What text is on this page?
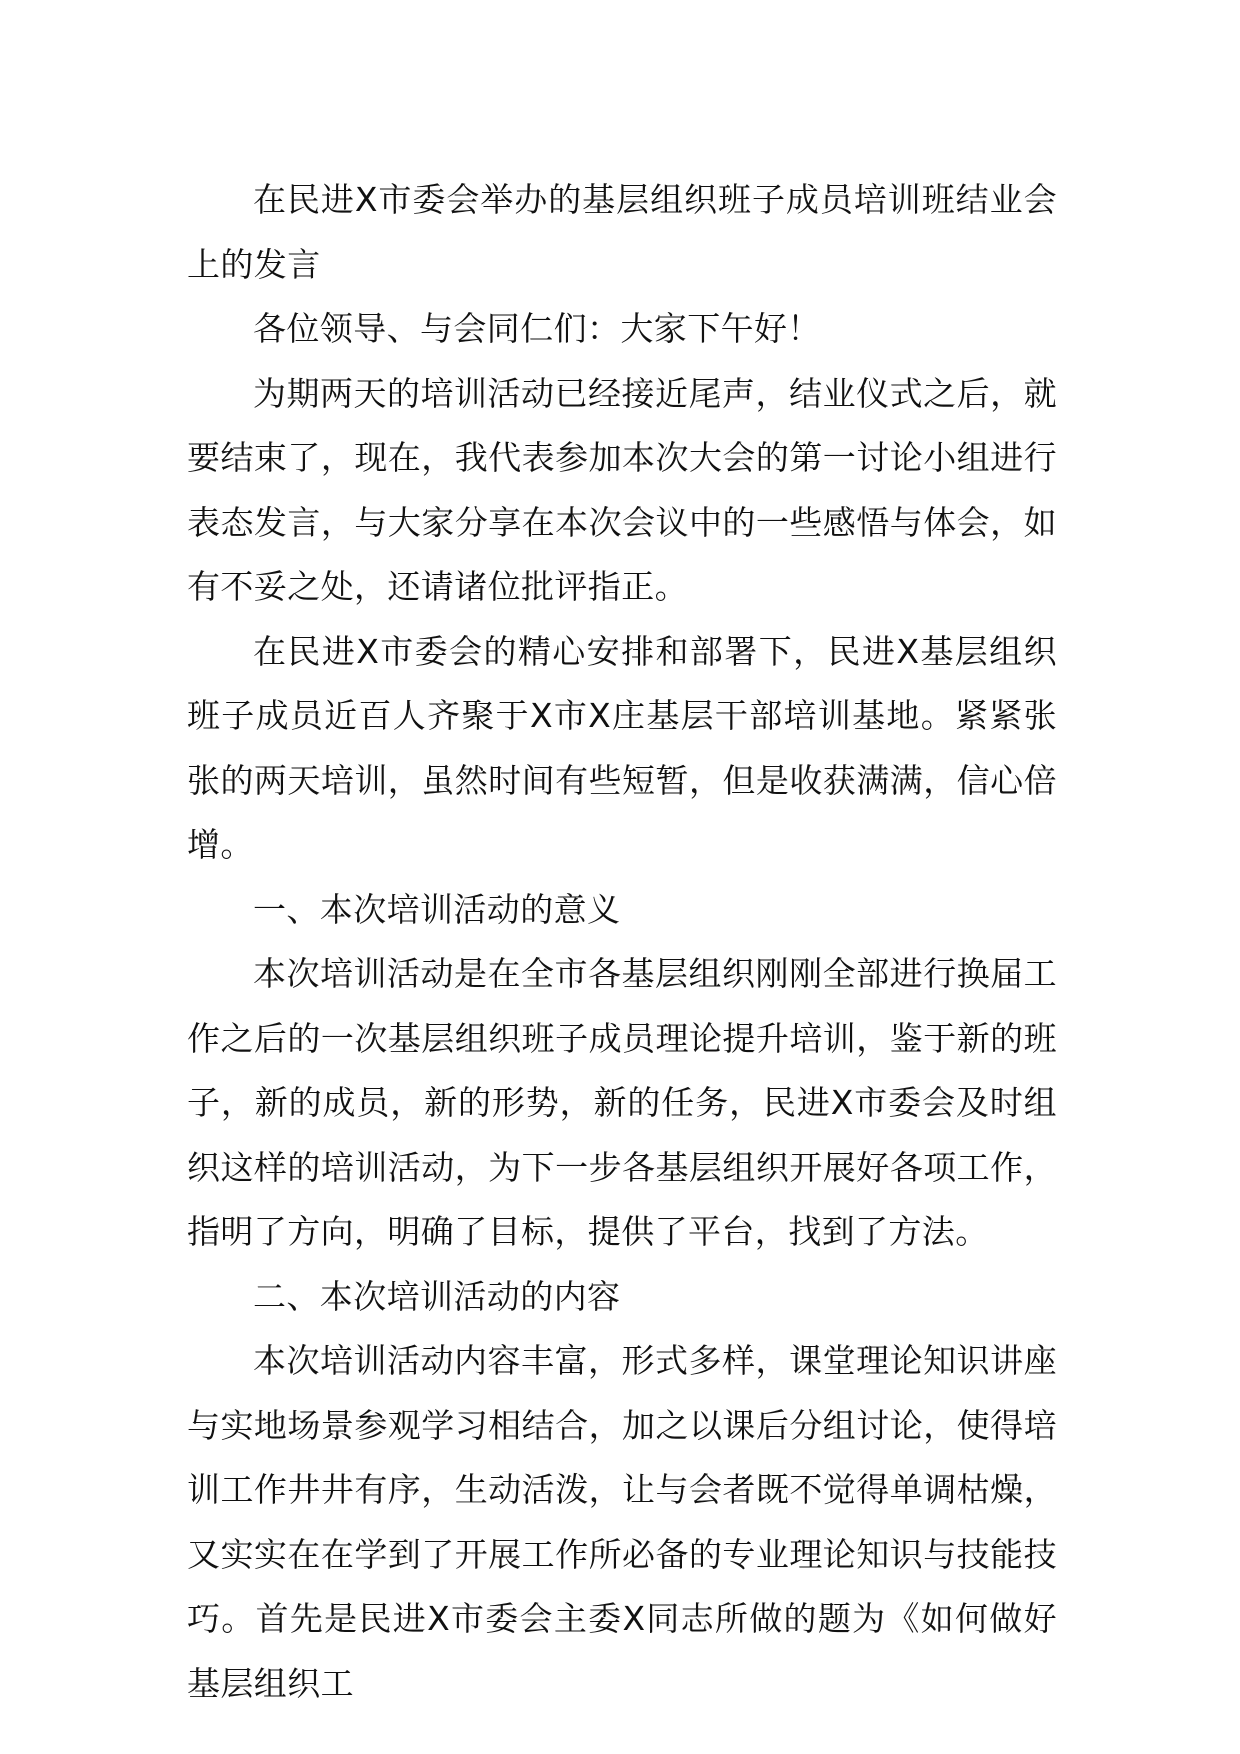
在民进X市委会举办的基层组织班子成员培训班结业会上的发言

各位领导、与会同仁们：大家下午好！

为期两天的培训活动已经接近尾声，结业仪式之后，就要结束了，现在，我代表参加本次大会的第一讨论小组进行表态发言，与大家分享在本次会议中的一些感悟与体会，如有不妥之处，还请诸位批评指正。

在民进X市委会的精心安排和部署下，民进X基层组织班子成员近百人齐聚于X市X庄基层干部培训基地。紧紧张张的两天培训，虽然时间有些短暂，但是收获满满，信心倍增。

一、本次培训活动的意义

本次培训活动是在全市各基层组织刚刚全部进行换届工作之后的一次基层组织班子成员理论提升培训，鉴于新的班子，新的成员，新的形势，新的任务，民进X市委会及时组织这样的培训活动，为下一步各基层组织开展好各项工作，指明了方向，明确了目标，提供了平台，找到了方法。

二、本次培训活动的内容

本次培训活动内容丰富，形式多样，课堂理论知识讲座与实地场景参观学习相结合，加之以课后分组讨论，使得培训工作井井有序，生动活泼，让与会者既不觉得单调枯燥，又实实在在学到了开展工作所必备的专业理论知识与技能技巧。首先是民进X市委会主委X同志所做的题为《如何做好基层组织工
